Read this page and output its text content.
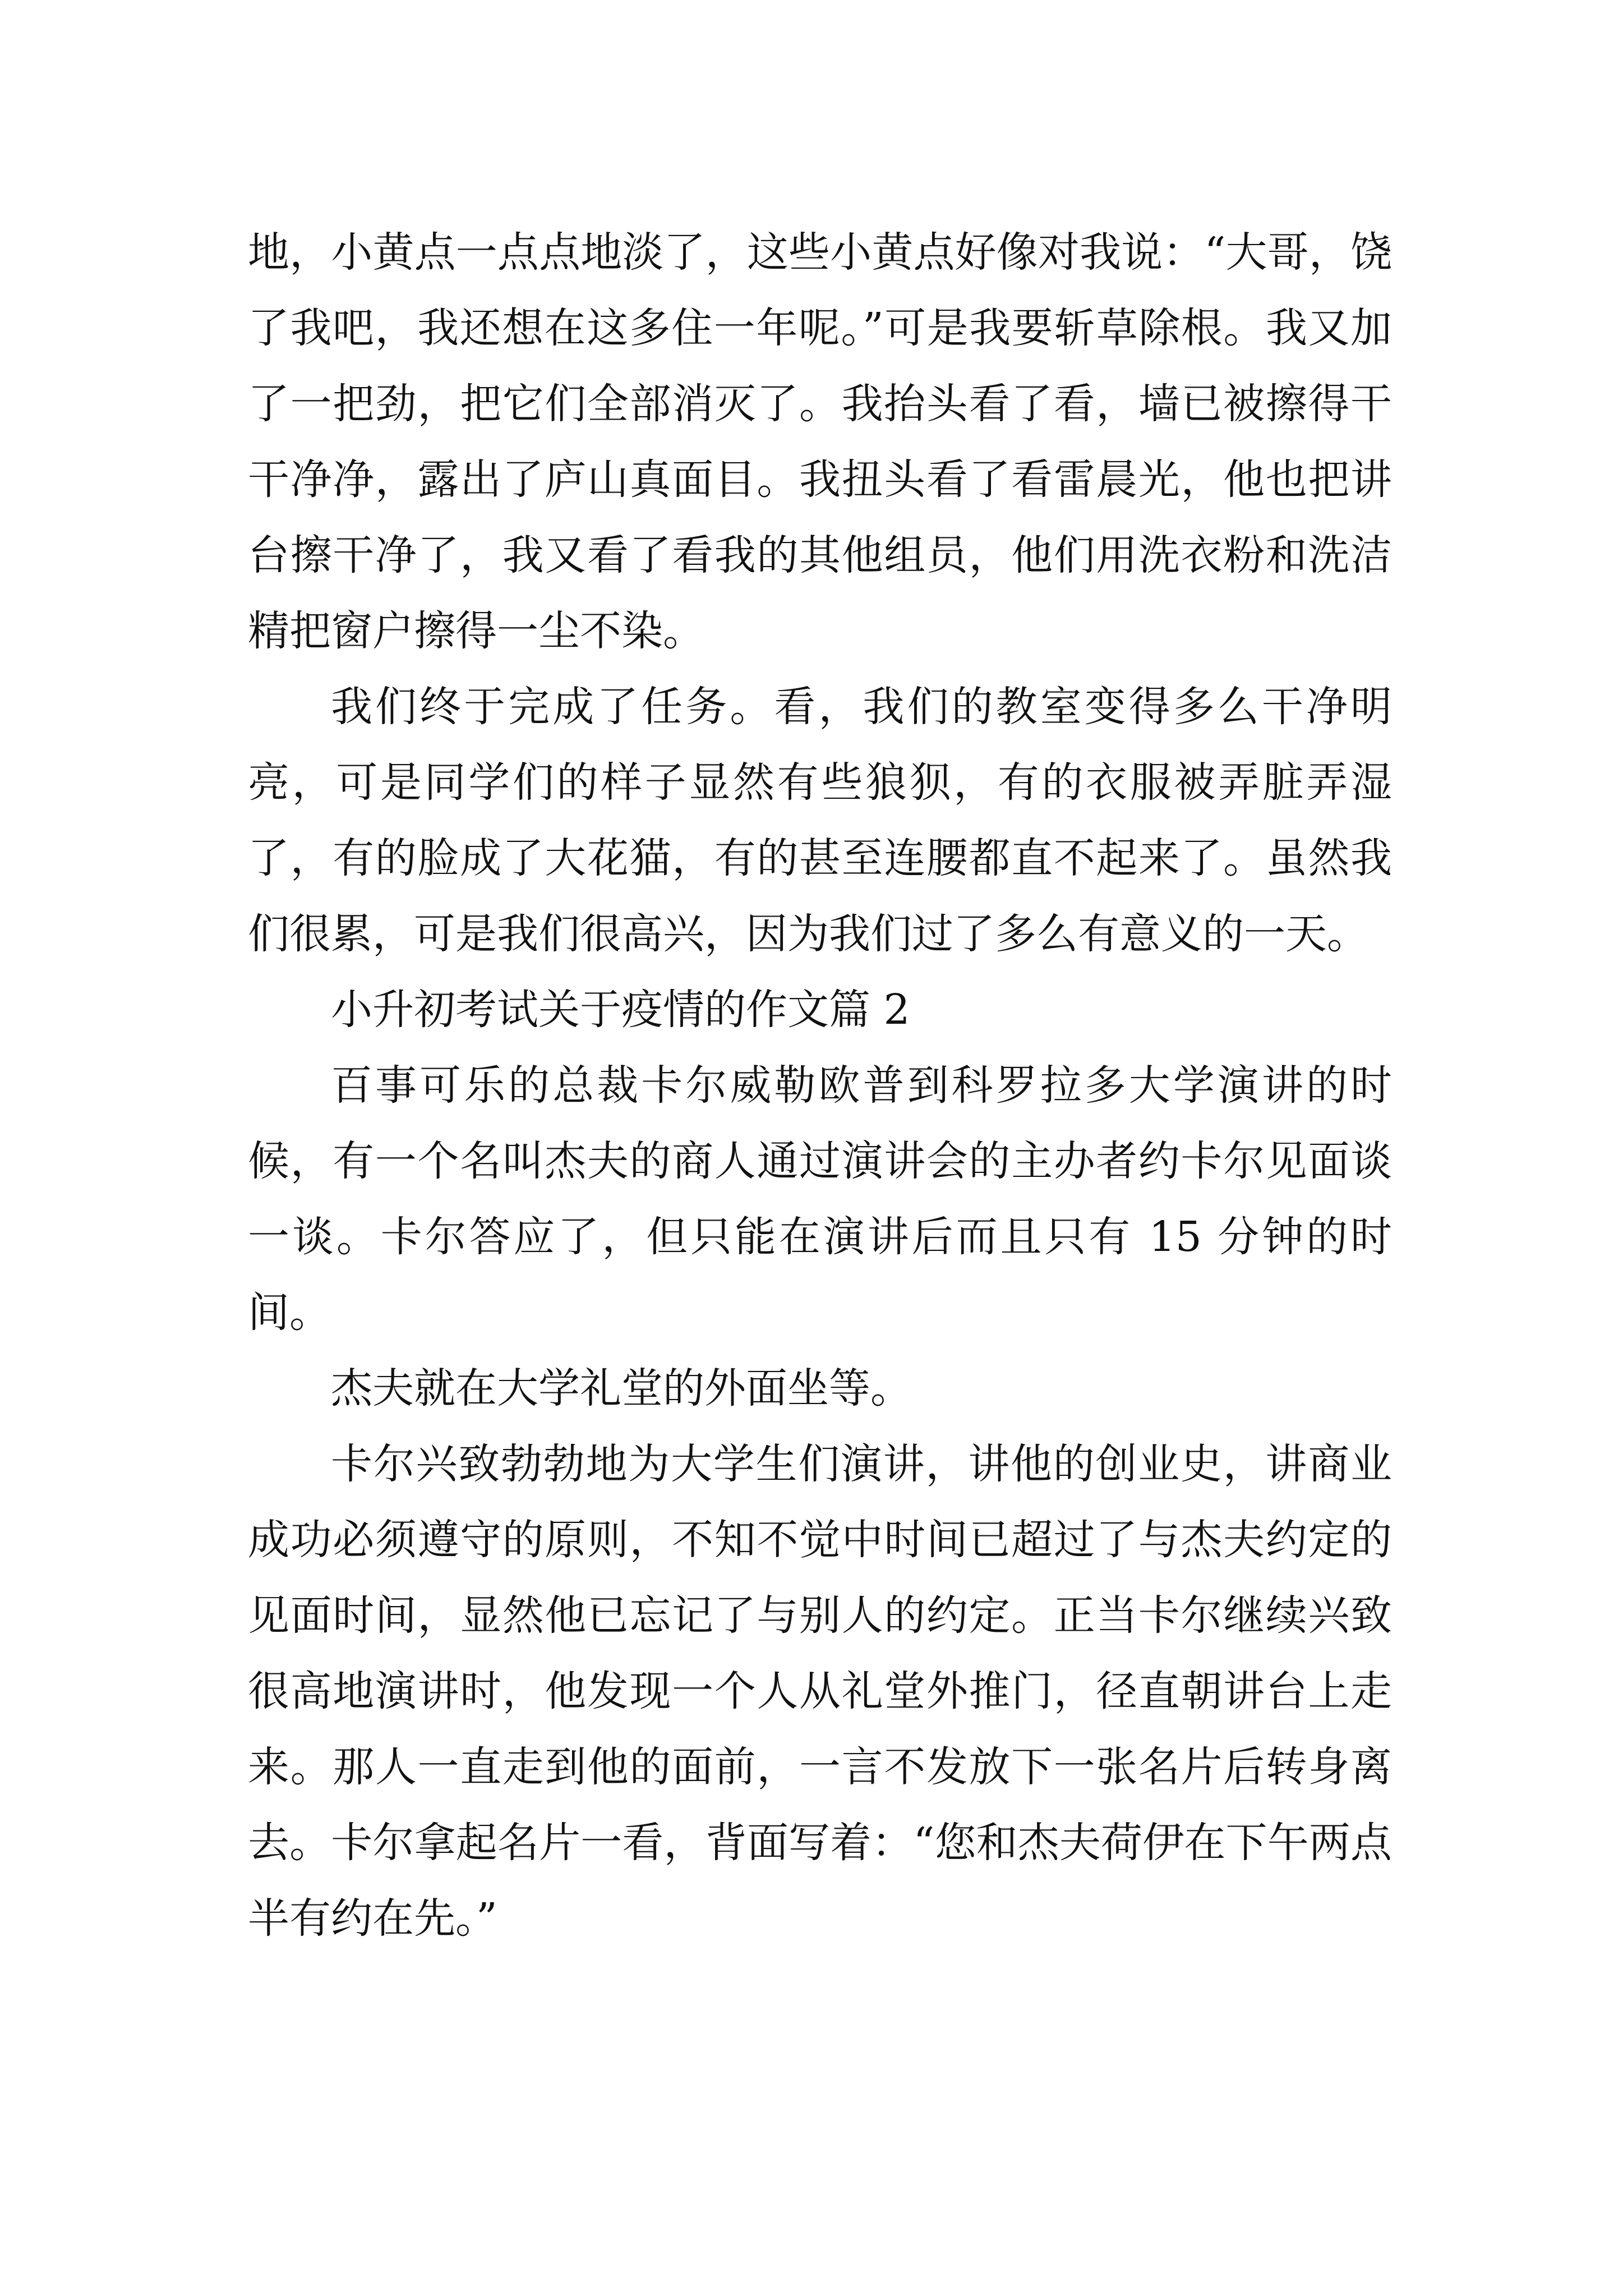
地，小黄点一点点地淡了，这些小黄点好像对我说：“大哥，饶了我吧，我还想在这多住一年呢。”可是我要斩草除根。我又加了一把劲，把它们全部消灭了。我抬头看了看，墙已被擦得干干净净，露出了庐山真面目。我扭头看了看雷晨光，他也把讲台擦干净了，我又看了看我的其他组员，他们用洗衣粉和洗洁精把窗户擦得一尘不染。

我们终于完成了任务。看，我们的教室变得多么干净明亮，可是同学们的样子显然有些狼狈，有的衣服被弄脏弄湿了，有的脸成了大花猫，有的甚至连腰都直不起来了。虽然我们很累，可是我们很高兴，因为我们过了多么有意义的一天。

小升初考试关于疫情的作文篇 2

百事可乐的总裁卡尔威勒欧普到科罗拉多大学演讲的时候，有一个名叫杰夫的商人通过演讲会的主办者约卡尔见面谈一谈。卡尔答应了，但只能在演讲后而且只有 15 分钟的时间。

杰夫就在大学礼堂的外面坐等。

卡尔兴致勃勃地为大学生们演讲，讲他的创业史，讲商业成功必须遵守的原则，不知不觉中时间已超过了与杰夫约定的见面时间，显然他已忘记了与别人的约定。正当卡尔继续兴致很高地演讲时，他发现一个人从礼堂外推门，径直朝讲台上走来。那人一直走到他的面前，一言不发放下一张名片后转身离去。卡尔拿起名片一看，背面写着：“您和杰夫荷伊在下午两点半有约在先。”
